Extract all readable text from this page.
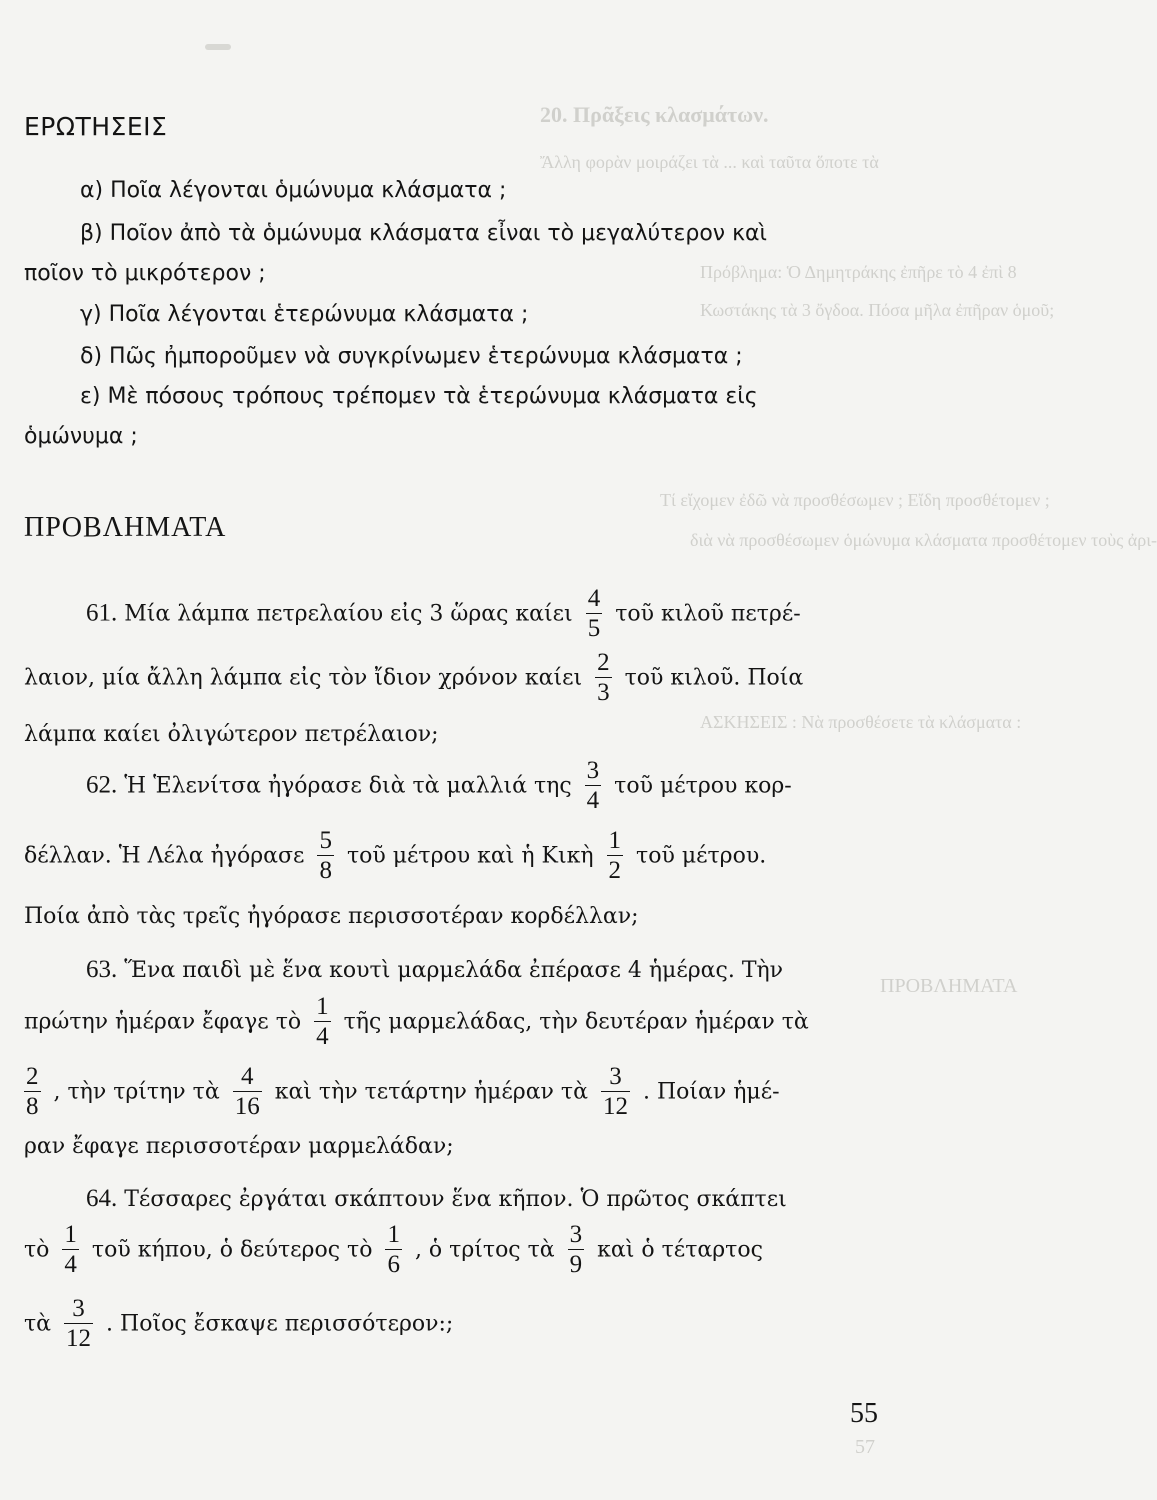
20. Πρᾶξεις κλασμάτων.
Ἄλλη φορὰν μοιράζει τὰ ... καὶ ταῦτα ὅποτε τὰ
Πρόβλημα: Ὁ Δημητράκης ἐπῆρε τὸ 4 ἐπὶ 8
Κωστάκης τὰ 3 ὄγδοα. Πόσα μῆλα ἐπῆραν ὁμοῦ;
Τί εἴχομεν ἐδῶ νὰ προσθέσωμεν ; Εἴδη προσθέτομεν ;
διὰ νὰ προσθέσωμεν ὁμώνυμα κλάσματα προσθέτομεν τοὺς ἀρι-
ΑΣΚΗΣΕΙΣ : Νὰ προσθέσετε τὰ κλάσματα :
ΠΡΟΒΛΗΜΑΤΑ
57
ΕΡΩΤΗΣΕΙΣ
α) Ποῖα λέγονται ὁμώνυμα κλάσματα ;
β) Ποῖον ἀπὸ τὰ ὁμώνυμα κλάσματα εἶναι τὸ μεγαλύτερον καὶ
ποῖον τὸ μικρότερον ;
γ) Ποῖα λέγονται ἑτερώνυμα κλάσματα ;
δ) Πῶς ἠμποροῦμεν νὰ συγκρίνωμεν ἑτερώνυμα κλάσματα ;
ε) Μὲ πόσους τρόπους τρέπομεν τὰ ἑτερώνυμα κλάσματα εἰς
ὁμώνυμα ;
ΠΡΟΒΛΗΜΑΤΑ
61. Μία λάμπα πετρελαίου εἰς 3 ὥρας καίει $\frac{4}{5}$ τοῦ κιλοῦ πετρέ-
λαιον, μία ἄλλη λάμπα εἰς τὸν ἴδιον χρόνον καίει $\frac{2}{3}$ τοῦ κιλοῦ. Ποία
λάμπα καίει ὀλιγώτερον πετρέλαιον;
62. Ἡ Ἑλενίτσα ἠγόρασε διὰ τὰ μαλλιά της $\frac{3}{4}$ τοῦ μέτρου κορ-
δέλλαν. Ἡ Λέλα ἠγόρασε $\frac{5}{8}$ τοῦ μέτρου καὶ ἡ Κικὴ $\frac{1}{2}$ τοῦ μέτρου.
Ποία ἀπὸ τὰς τρεῖς ἠγόρασε περισσοτέραν κορδέλλαν;
63. Ἕνα παιδὶ μὲ ἕνα κουτὶ μαρμελάδα ἐπέρασε 4 ἡμέρας. Τὴν
πρώτην ἡμέραν ἔφαγε τὸ $\frac{1}{4}$ τῆς μαρμελάδας, τὴν δευτέραν ἡμέραν τὰ
$\frac{2}{8}$ , τὴν τρίτην τὰ $\frac{4}{16}$ καὶ τὴν τετάρτην ἡμέραν τὰ $\frac{3}{12}$ . Ποίαν ἡμέ-
ραν ἔφαγε περισσοτέραν μαρμελάδαν;
64. Τέσσαρες ἐργάται σκάπτουν ἕνα κῆπον. Ὁ πρῶτος σκάπτει
τὸ $\frac{1}{4}$ τοῦ κήπου, ὁ δεύτερος τὸ $\frac{1}{6}$ , ὁ τρίτος τὰ $\frac{3}{9}$ καὶ ὁ τέταρτος
τὰ $\frac{3}{12}$ . Ποῖος ἔσκαψε περισσότερον:;
55
